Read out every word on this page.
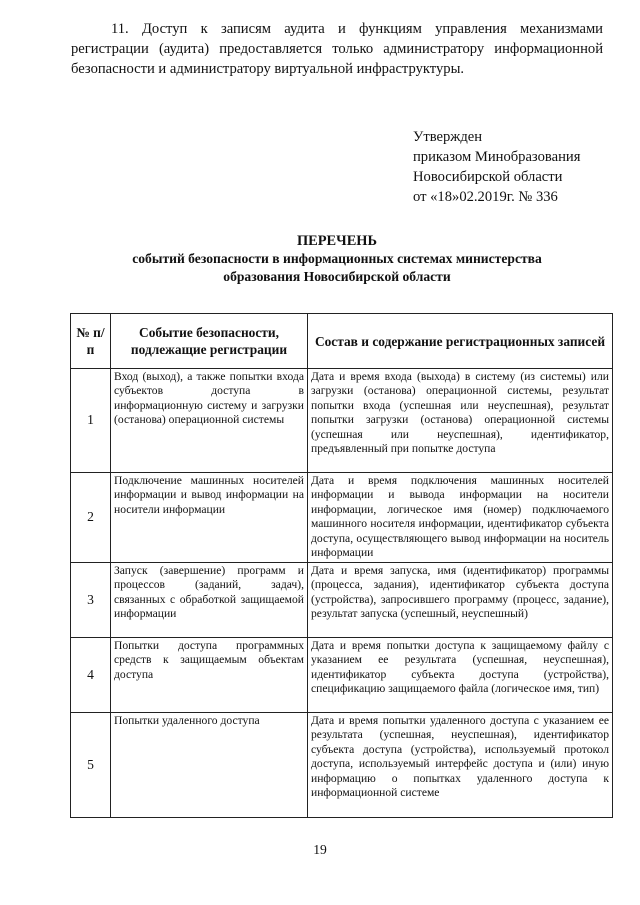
11. Доступ к записям аудита и функциям управления механизмами регистрации (аудита) предоставляется только администратору информационной безопасности и администратору виртуальной инфраструктуры.
Утвержден
приказом Минобразования
Новосибирской области
от «18»02.2019г. № 336
ПЕРЕЧЕНЬ
событий безопасности в информационных системах министерства
образования Новосибирской области
№ п/п	Событие безопасности, подлежащие регистрации	Состав и содержание регистрационных записей
1	Вход (выход), а также попытки входа субъектов доступа в информационную систему и загрузки (останова) операционной системы	Дата и время входа (выхода) в систему (из системы) или загрузки (останова) операционной системы, результат попытки входа (успешная или неуспешная), результат попытки загрузки (останова) операционной системы (успешная или неуспешная), идентификатор, предъявленный при попытке доступа
2	Подключение машинных носителей информации и вывод информации на носители информации	Дата и время подключения машинных носителей информации и вывода информации на носители информации, логическое имя (номер) подключаемого машинного носителя информации, идентификатор субъекта доступа, осуществляющего вывод информации на носитель информации
3	Запуск (завершение) программ и процессов (заданий, задач), связанных с обработкой защищаемой информации	Дата и время запуска, имя (идентификатор) программы (процесса, задания), идентификатор субъекта доступа (устройства), запросившего программу (процесс, задание), результат запуска (успешный, неуспешный)
4	Попытки доступа программных средств к защищаемым объектам доступа	Дата и время попытки доступа к защищаемому файлу с указанием ее результата (успешная, неуспешная), идентификатор субъекта доступа (устройства), спецификацию защищаемого файла (логическое имя, тип)
5	Попытки удаленного доступа	Дата и время попытки удаленного доступа с указанием ее результата (успешная, неуспешная), идентификатор субъекта доступа (устройства), используемый протокол доступа, используемый интерфейс доступа и (или) иную информацию о попытках удаленного доступа к информационной системе
19
